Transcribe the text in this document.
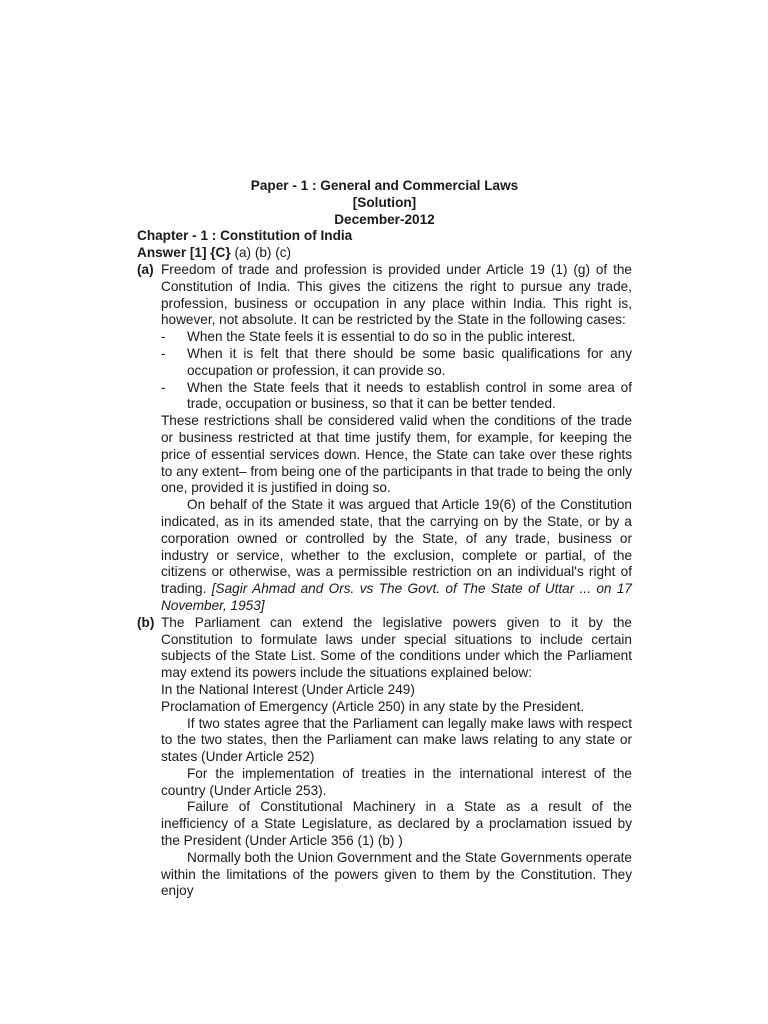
Paper - 1 : General and Commercial Laws
[Solution]
December-2012
Chapter - 1 : Constitution of India
Answer [1] {C} (a) (b) (c)
(a) Freedom of trade and profession is provided under Article 19 (1) (g) of the Constitution of India. This gives the citizens the right to pursue any trade, profession, business or occupation in any place within India. This right is, however, not absolute. It can be restricted by the State in the following cases:

-	When the State feels it is essential to do so in the public interest.
-	When it is felt that there should be some basic qualifications for any occupation or profession, it can provide so.
-	When the State feels that it needs to establish control in some area of trade, occupation or business, so that it can be better tended.

These restrictions shall be considered valid when the conditions of the trade or business restricted at that time justify them, for example, for keeping the price of essential services down. Hence, the State can take over these rights to any extent– from being one of the participants in that trade to being the only one, provided it is justified in doing so.

On behalf of the State it was argued that Article 19(6) of the Constitution indicated, as in its amended state, that the carrying on by the State, or by a corporation owned or controlled by the State, of any trade, business or industry or service, whether to the exclusion, complete or partial, of the citizens or otherwise, was a permissible restriction on an individual's right of trading. [Sagir Ahmad and Ors. vs The Govt. of The State of Uttar ... on 17 November, 1953]

(b) The Parliament can extend the legislative powers given to it by the Constitution to formulate laws under special situations to include certain subjects of the State List. Some of the conditions under which the Parliament may extend its powers include the situations explained below:

In the National Interest (Under Article 249)

Proclamation of Emergency (Article 250) in any state by the President.

If two states agree that the Parliament can legally make laws with respect to the two states, then the Parliament can make laws relating to any state or states (Under Article 252)

For the implementation of treaties in the international interest of the country (Under Article 253).

Failure of Constitutional Machinery in a State as a result of the inefficiency of a State Legislature, as declared by a proclamation issued by the President (Under Article 356 (1) (b) )

Normally both the Union Government and the State Governments operate within the limitations of the powers given to them by the Constitution. They enjoy
